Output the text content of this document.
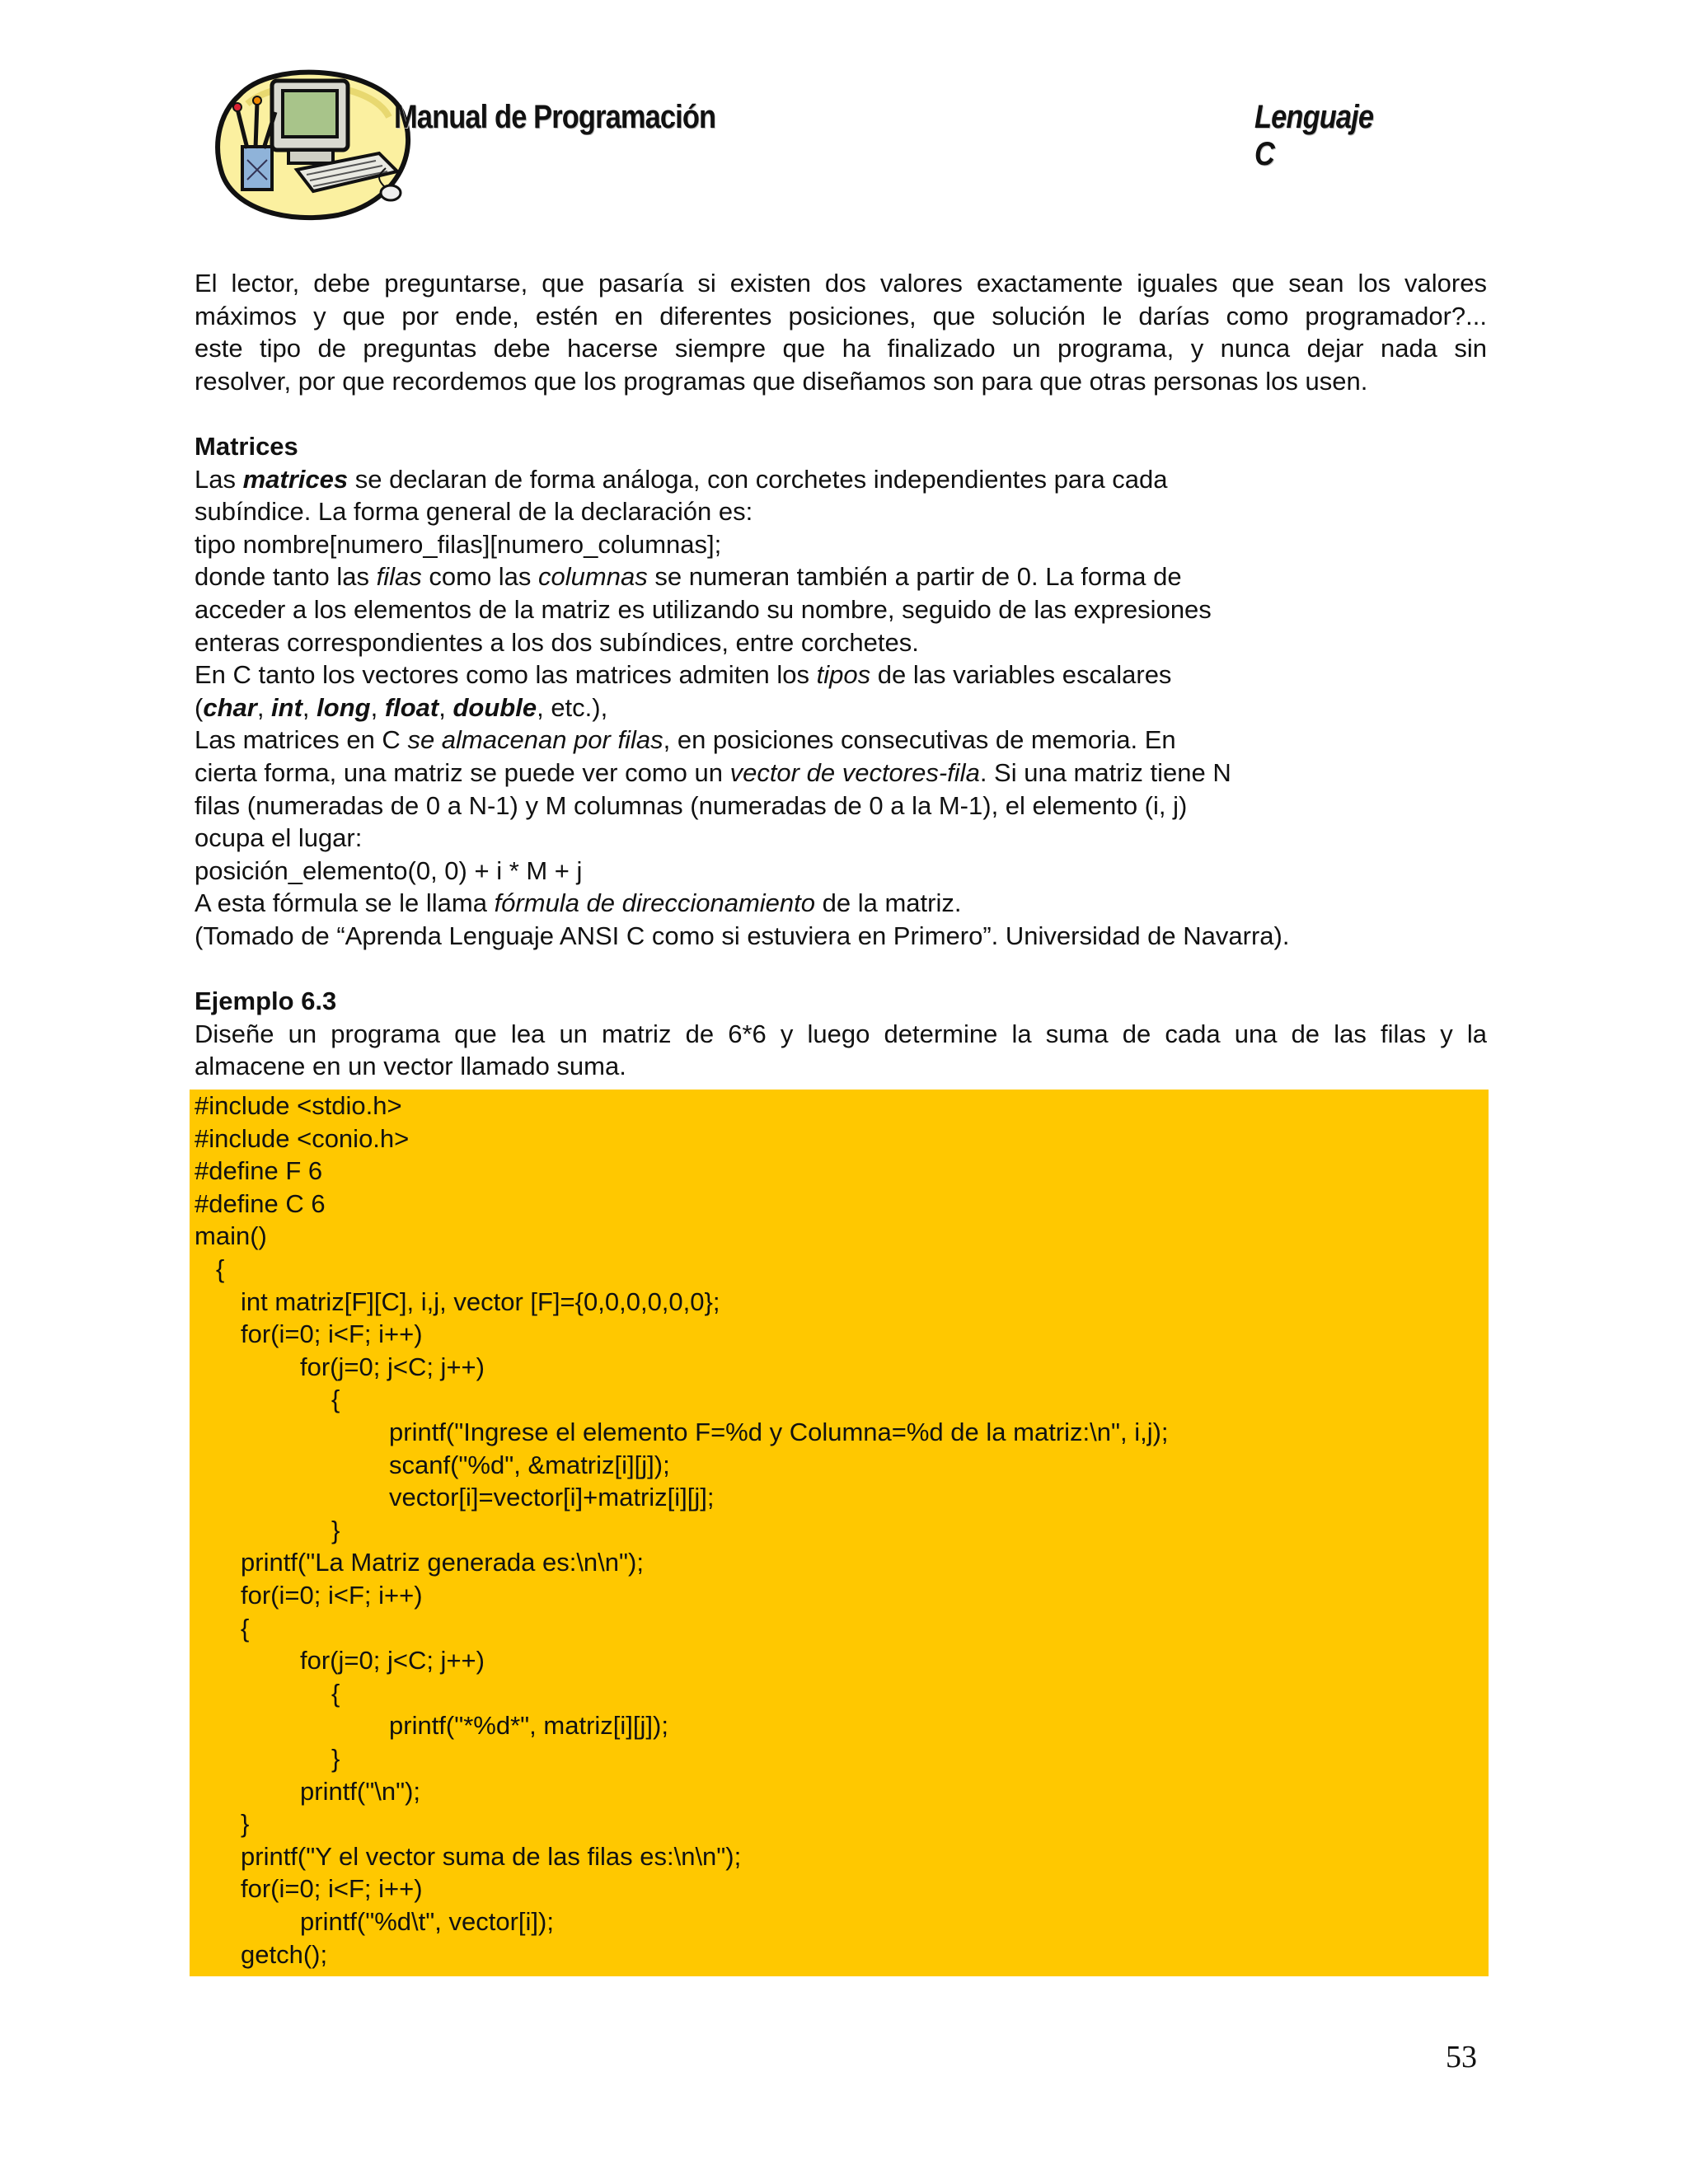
Manual de Programación	Lenguaje C
El lector, debe preguntarse, que pasaría si existen dos valores exactamente iguales que sean los valores
máximos y que por ende, estén en diferentes posiciones, que solución le darías como programador?...
este tipo de preguntas debe hacerse siempre que ha finalizado un programa, y nunca dejar nada sin
resolver, por que recordemos que los programas que diseñamos son para que otras personas los usen.
Matrices
Las matrices se declaran de forma análoga, con corchetes independientes para cada
subíndice. La forma general de la declaración es:
tipo nombre[numero_filas][numero_columnas];
donde tanto las filas como las columnas se numeran también a partir de 0. La forma de
acceder a los elementos de la matriz es utilizando su nombre, seguido de las expresiones
enteras correspondientes a los dos subíndices, entre corchetes.
En C tanto los vectores como las matrices admiten los tipos de las variables escalares
(char, int, long, float, double, etc.),
Las matrices en C se almacenan por filas, en posiciones consecutivas de memoria. En
cierta forma, una matriz se puede ver como un vector de vectores-fila. Si una matriz tiene N
filas (numeradas de 0 a N-1) y M columnas (numeradas de 0 a la M-1), el elemento (i, j)
ocupa el lugar:
posición_elemento(0, 0) + i * M + j
A esta fórmula se le llama fórmula de direccionamiento de la matriz.
(Tomado de “Aprenda Lenguaje ANSI C como si estuviera en Primero”. Universidad de Navarra).
Ejemplo 6.3
Diseñe un programa que lea un matriz de 6*6 y luego determine la suma de cada una de las filas y la
almacene en un vector llamado suma.
#include <stdio.h>
#include <conio.h>
#define F 6
#define C 6
main()
{
int matriz[F][C], i,j, vector [F]={0,0,0,0,0,0};
for(i=0; i<F; i++)
for(j=0; j<C; j++)
{
printf("Ingrese el elemento F=%d y Columna=%d de la matriz:\n", i,j);
scanf("%d", &matriz[i][j]);
vector[i]=vector[i]+matriz[i][j];
}
printf("La Matriz generada es:\n\n");
for(i=0; i<F; i++)
{
for(j=0; j<C; j++)
{
printf("*%d*", matriz[i][j]);
}
printf("\n");
}
printf("Y el vector suma de las filas es:\n\n");
for(i=0; i<F; i++)
printf("%d\t", vector[i]);
getch();
53
